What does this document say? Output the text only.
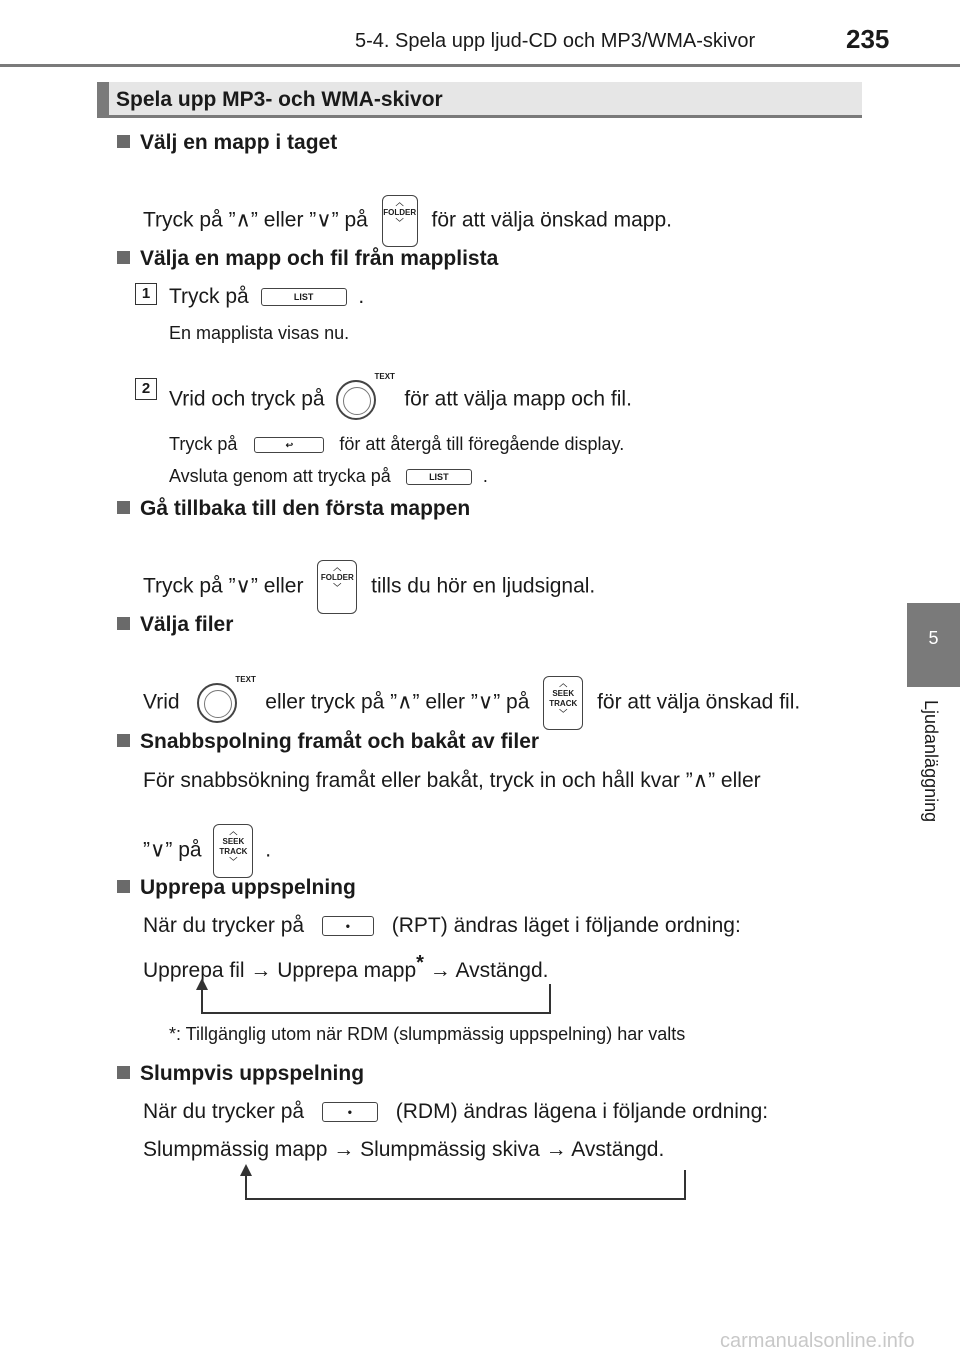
5-4. Spela upp ljud-CD och MP3/WMA-skivor	235
5
Ljudanläggning
Spela upp MP3- och WMA-skivor
Välj en mapp i taget
Tryck på ”∧” eller ”∨” på
︿
FOLDER
﹀	för att välja önskad mapp.
Välja en mapp och fil från mapplista
1 Tryck på	LIST .
En mapplista visas nu.
2 Vrid och tryck på
TEXT
för att välja mapp och fil.
Tryck på	↩	för att återgå till föregående display.
Avsluta genom att trycka på	LIST .
Gå tillbaka till den första mappen
Tryck på ”∨” eller
︿
FOLDER
﹀	tills du hör en ljudsignal.
Välja filer
Vrid
TEXT
eller tryck på ”∧” eller ”∨” på
︿
SEEK
TRACK
﹀	för att välja önskad fil.
Snabbspolning framåt och bakåt av filer
För snabbsökning framåt eller bakåt, tryck in och håll kvar ”∧” eller
”∨” på
︿
SEEK
TRACK
﹀	.
Upprepa uppspelning
När du trycker på	• (RPT) ändras läget i följande ordning:
Upprepa fil → Upprepa mapp* → Avstängd.
*: Tillgänglig utom när RDM (slumpmässig uppspelning) har valts
Slumpvis uppspelning
När du trycker på	• (RDM) ändras lägena i följande ordning:
Slumpmässig mapp → Slumpmässig skiva → Avstängd.
carmanualsonline.info
